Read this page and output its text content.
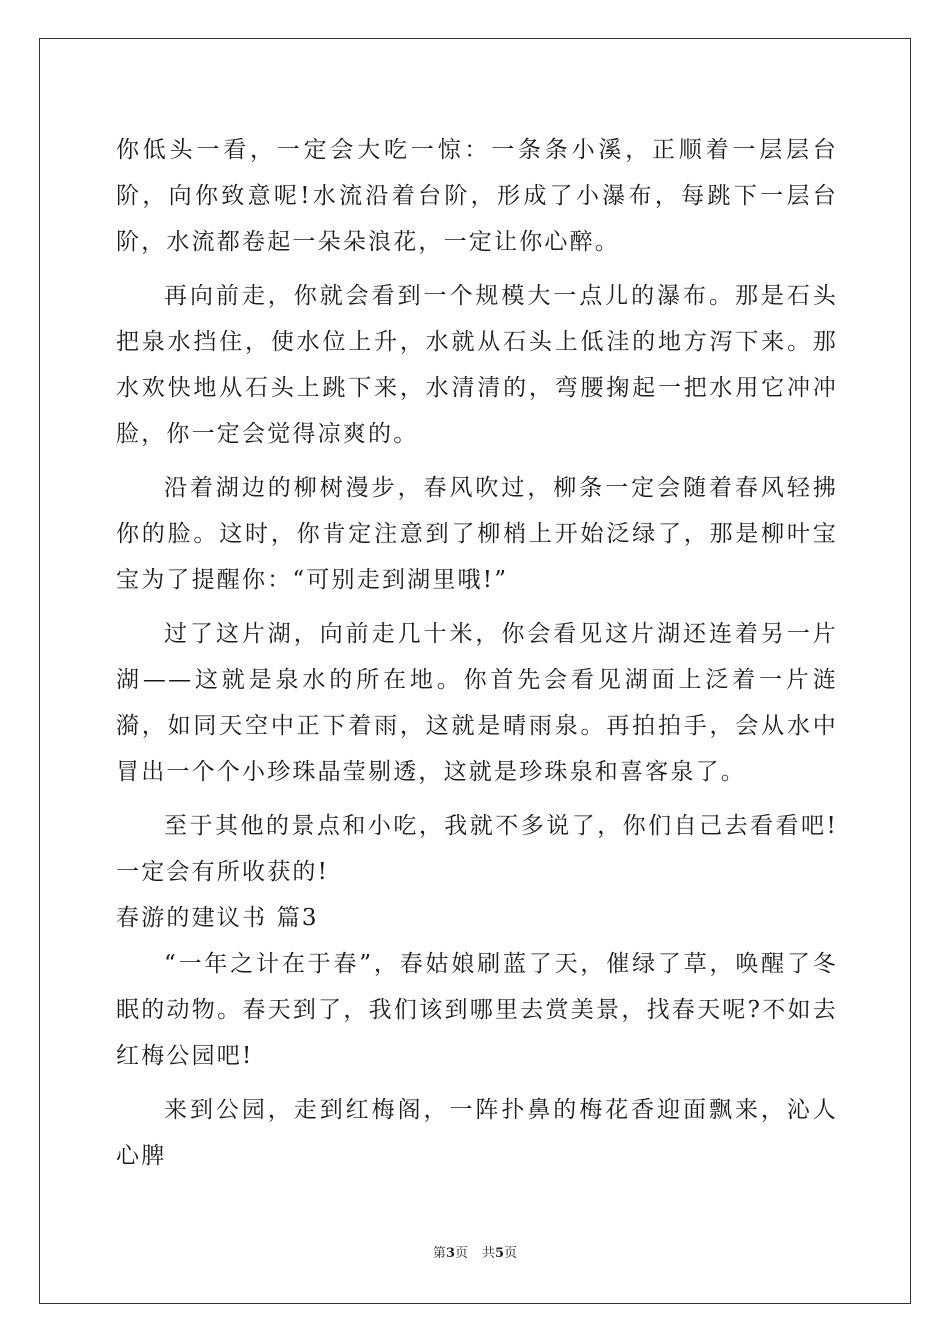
你低头一看，一定会大吃一惊：一条条小溪，正顺着一层层台阶，向你致意呢!水流沿着台阶，形成了小瀑布，每跳下一层台阶，水流都卷起一朵朵浪花，一定让你心醉。

再向前走，你就会看到一个规模大一点儿的瀑布。那是石头把泉水挡住，使水位上升，水就从石头上低洼的地方泻下来。那水欢快地从石头上跳下来，水清清的，弯腰掬起一把水用它冲冲脸，你一定会觉得凉爽的。

沿着湖边的柳树漫步，春风吹过，柳条一定会随着春风轻拂你的脸。这时，你肯定注意到了柳梢上开始泛绿了，那是柳叶宝宝为了提醒你：“可别走到湖里哦!”

过了这片湖，向前走几十米，你会看见这片湖还连着另一片湖——这就是泉水的所在地。你首先会看见湖面上泛着一片涟漪，如同天空中正下着雨，这就是晴雨泉。再拍拍手，会从水中冒出一个个小珍珠晶莹剔透，这就是珍珠泉和喜客泉了。

至于其他的景点和小吃，我就不多说了，你们自己去看看吧!一定会有所收获的!

春游的建议书 篇3

“一年之计在于春”，春姑娘刷蓝了天，催绿了草，唤醒了冬眠的动物。春天到了，我们该到哪里去赏美景，找春天呢?不如去红梅公园吧!

来到公园，走到红梅阁，一阵扑鼻的梅花香迎面飘来，沁人心脾

第3页 共5页
